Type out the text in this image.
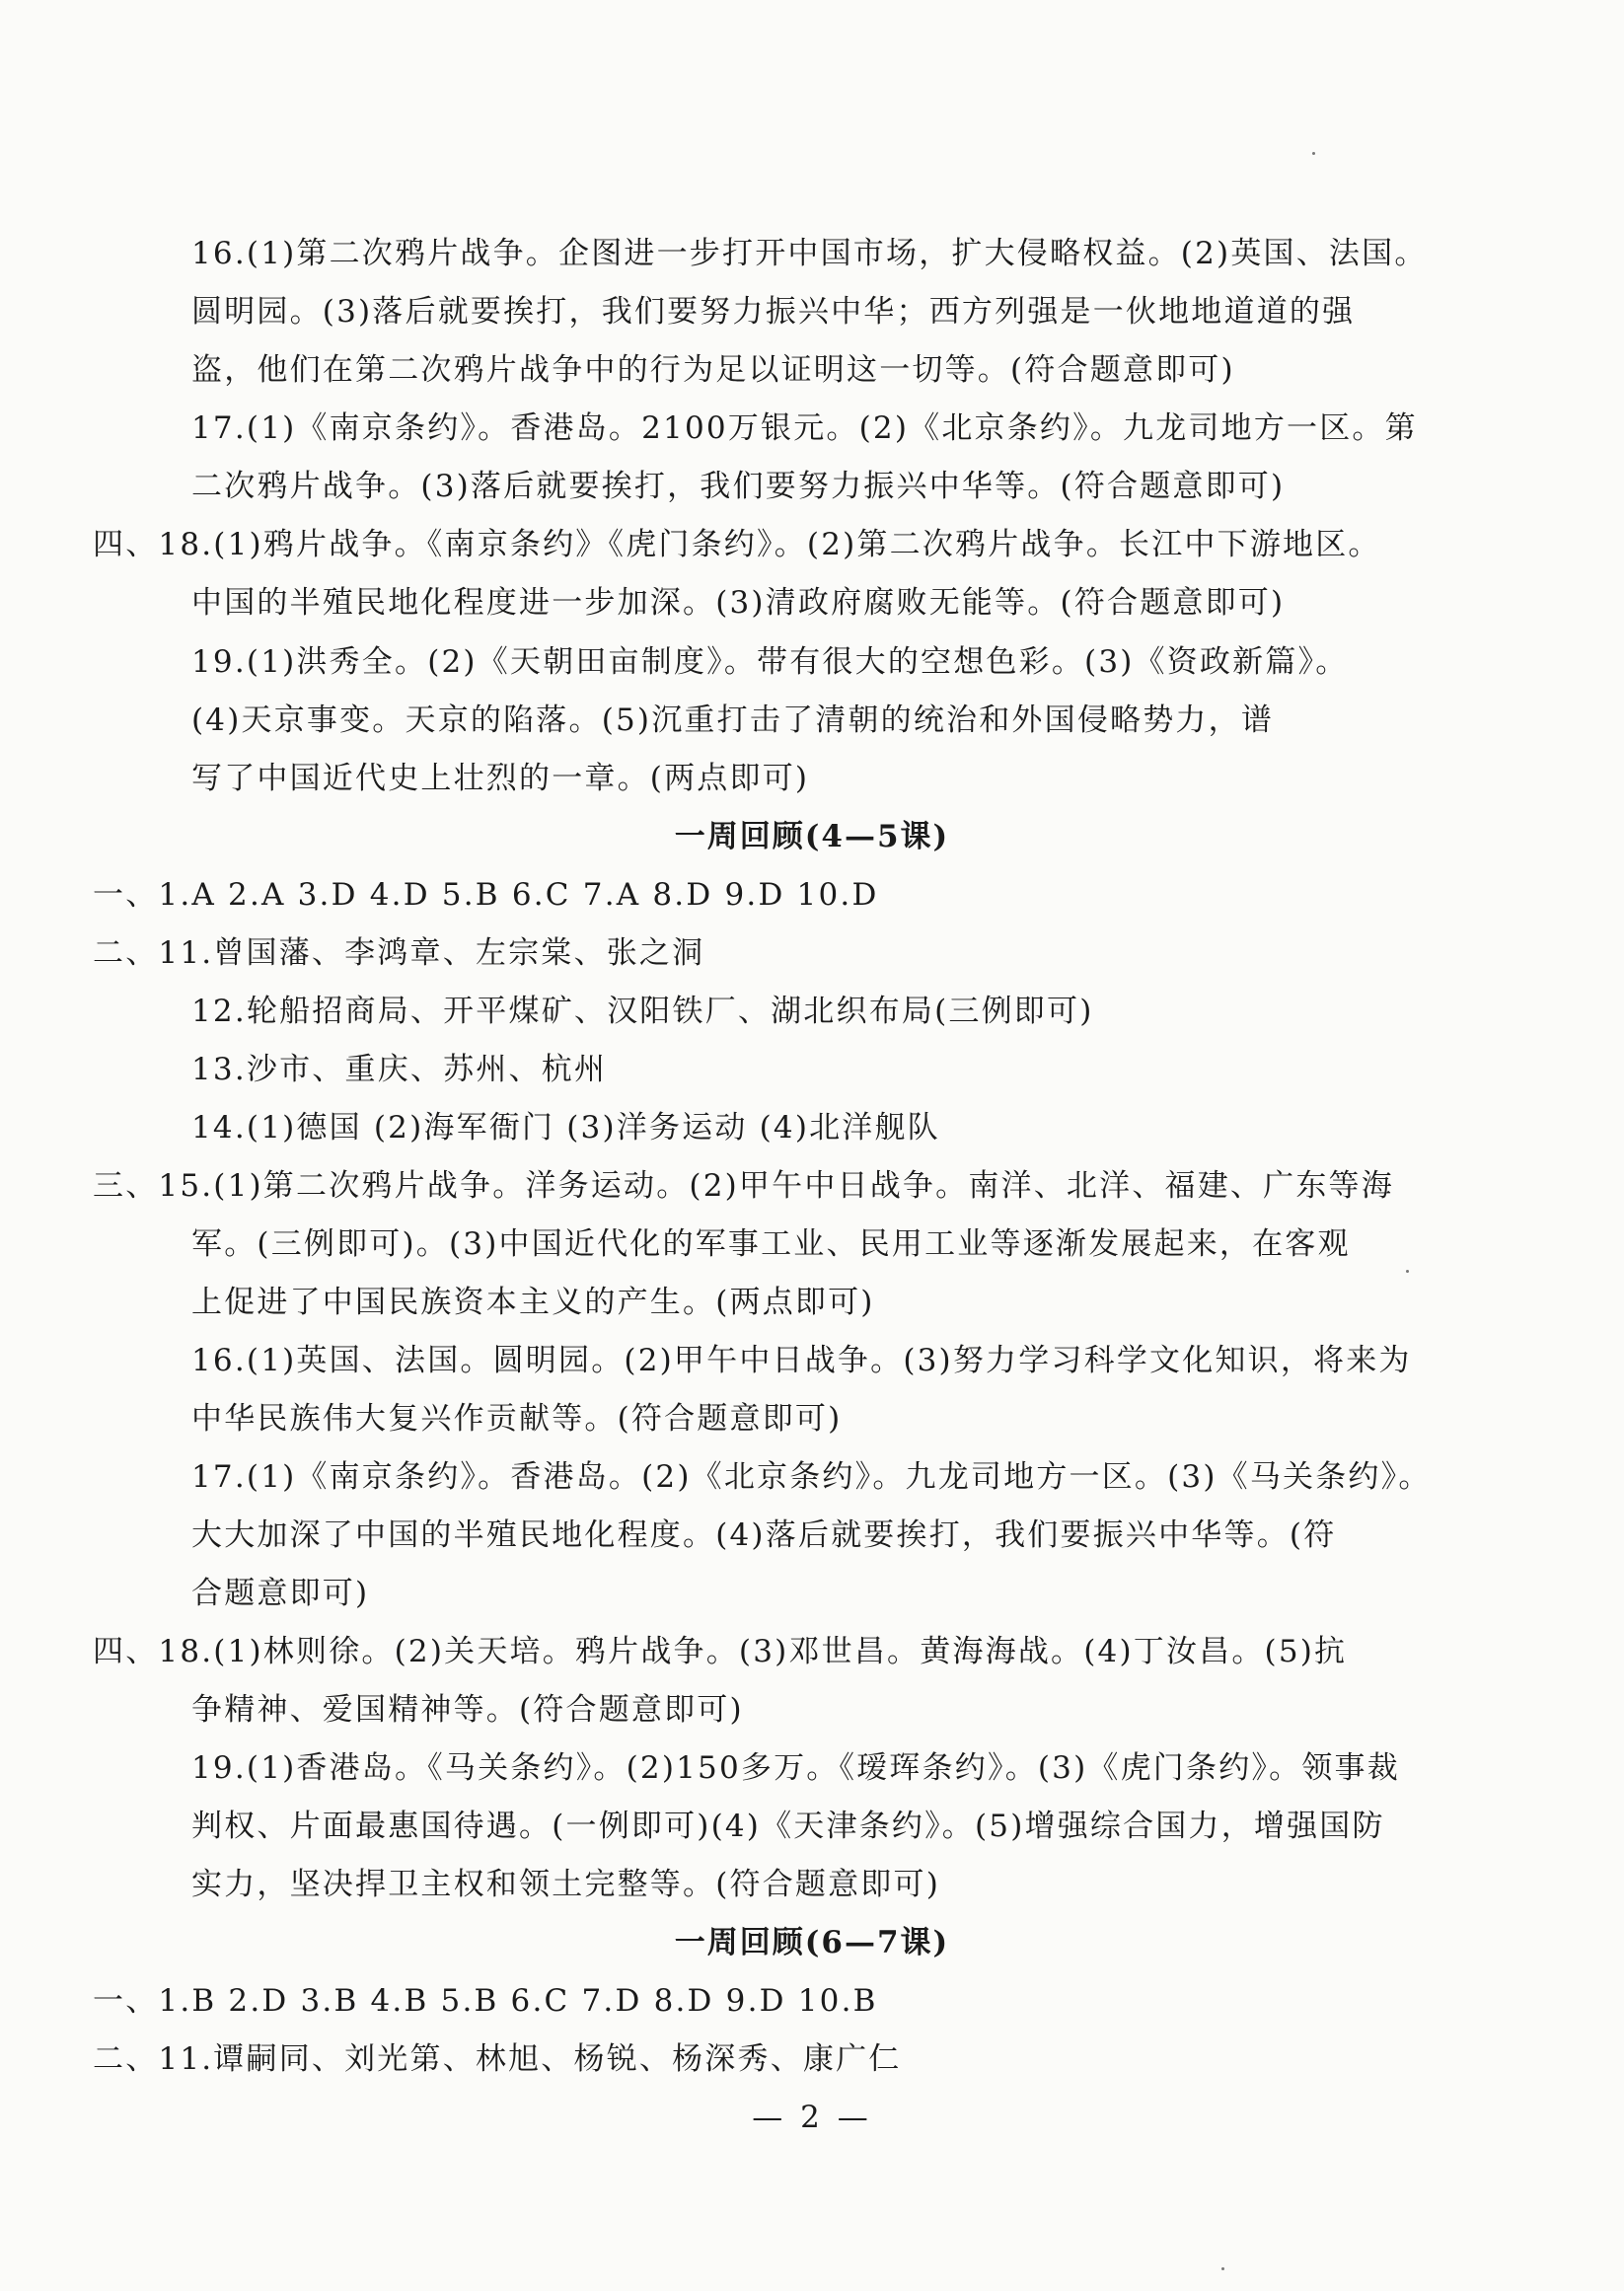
16.(1)第二次鸦片战争。企图进一步打开中国市场，扩大侵略权益。(2)英国、法国。
圆明园。(3)落后就要挨打，我们要努力振兴中华；西方列强是一伙地地道道的强
盗，他们在第二次鸦片战争中的行为足以证明这一切等。(符合题意即可)
17.(1)《南京条约》。香港岛。2100万银元。(2)《北京条约》。九龙司地方一区。第
二次鸦片战争。(3)落后就要挨打，我们要努力振兴中华等。(符合题意即可)
四、18.(1)鸦片战争。《南京条约》《虎门条约》。(2)第二次鸦片战争。长江中下游地区。
中国的半殖民地化程度进一步加深。(3)清政府腐败无能等。(符合题意即可)
19.(1)洪秀全。(2)《天朝田亩制度》。带有很大的空想色彩。(3)《资政新篇》。
(4)天京事变。天京的陷落。(5)沉重打击了清朝的统治和外国侵略势力，谱
写了中国近代史上壮烈的一章。(两点即可)
一周回顾(4—5课)
一、1.A 2.A 3.D 4.D 5.B 6.C 7.A 8.D 9.D 10.D
二、11.曾国藩、李鸿章、左宗棠、张之洞
12.轮船招商局、开平煤矿、汉阳铁厂、湖北织布局(三例即可)
13.沙市、重庆、苏州、杭州
14.(1)德国 (2)海军衙门 (3)洋务运动 (4)北洋舰队
三、15.(1)第二次鸦片战争。洋务运动。(2)甲午中日战争。南洋、北洋、福建、广东等海
军。(三例即可)。(3)中国近代化的军事工业、民用工业等逐渐发展起来，在客观
上促进了中国民族资本主义的产生。(两点即可)
16.(1)英国、法国。圆明园。(2)甲午中日战争。(3)努力学习科学文化知识，将来为
中华民族伟大复兴作贡献等。(符合题意即可)
17.(1)《南京条约》。香港岛。(2)《北京条约》。九龙司地方一区。(3)《马关条约》。
大大加深了中国的半殖民地化程度。(4)落后就要挨打，我们要振兴中华等。(符
合题意即可)
四、18.(1)林则徐。(2)关天培。鸦片战争。(3)邓世昌。黄海海战。(4)丁汝昌。(5)抗
争精神、爱国精神等。(符合题意即可)
19.(1)香港岛。《马关条约》。(2)150多万。《瑷珲条约》。(3)《虎门条约》。领事裁
判权、片面最惠国待遇。(一例即可)(4)《天津条约》。(5)增强综合国力，增强国防
实力，坚决捍卫主权和领土完整等。(符合题意即可)
一周回顾(6—7课)
一、1.B 2.D 3.B 4.B 5.B 6.C 7.D 8.D 9.D 10.B
二、11.谭嗣同、刘光第、林旭、杨锐、杨深秀、康广仁
— 2 —
